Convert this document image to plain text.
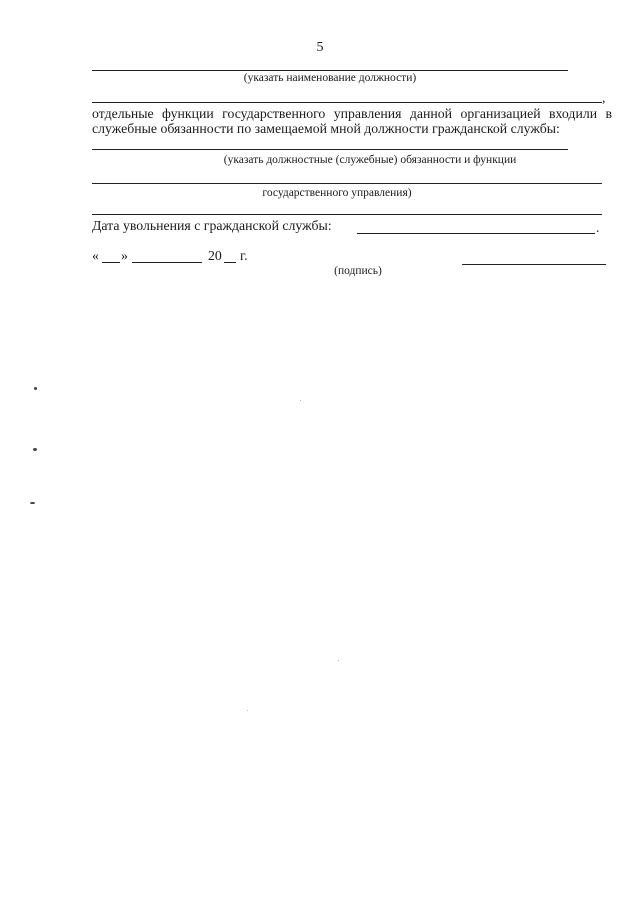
5
(указать наименование должности)
,
отдельные функции государственного управления данной организацией входили в
служебные обязанности по замещаемой мной должности гражданской службы:
(указать должностные (служебные) обязанности и функции
государственного управления)
Дата увольнения с гражданской службы:	.
« »	20 г.
(подпись)
